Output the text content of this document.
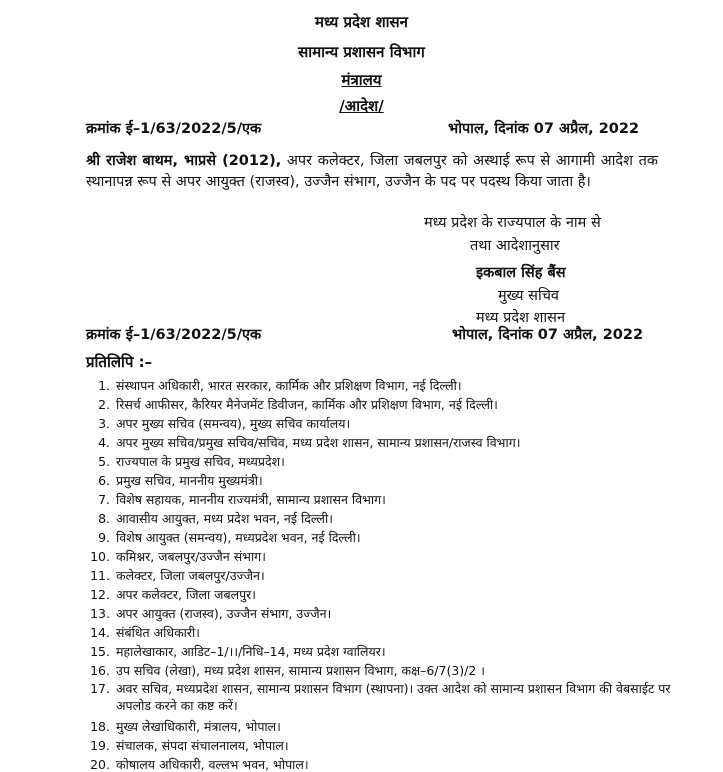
मध्य प्रदेश शासन
सामान्य प्रशासन विभाग
मंत्रालय
/आदेश/
क्रमांक ई–1/63/2022/5/एक	भोपाल, दिनांक 07 अप्रैल, 2022
श्री राजेश बाथम, भाप्रसे (2012), अपर कलेक्टर, जिला जबलपुर को अस्थाई रूप से आगामी आदेश तक स्थानापन्न रूप से अपर आयुक्त (राजस्व), उज्जैन संभाग, उज्जैन के पद पर पदस्थ किया जाता है।
मध्य प्रदेश के राज्यपाल के नाम से
तथा आदेशानुसार
इकबाल सिंह बैंस
मुख्य सचिव
मध्य प्रदेश शासन
क्रमांक ई–1/63/2022/5/एक	भोपाल, दिनांक 07 अप्रैल, 2022
प्रतिलिपि :–
1. संस्थापन अधिकारी, भारत सरकार, कार्मिक और प्रशिक्षण विभाग, नई दिल्ली।
2. रिसर्च आफीसर, कैरियर मैनेजमेंट डिवीजन, कार्मिक और प्रशिक्षण विभाग, नई दिल्ली।
3. अपर मुख्य सचिव (समन्वय), मुख्य सचिव कार्यालय।
4. अपर मुख्य सचिव/प्रमुख सचिव/सचिव, मध्य प्रदेश शासन, सामान्य प्रशासन/राजस्व विभाग।
5. राज्यपाल के प्रमुख सचिव, मध्यप्रदेश।
6. प्रमुख सचिव, माननीय मुख्यमंत्री।
7. विशेष सहायक, माननीय राज्यमंत्री, सामान्य प्रशासन विभाग।
8. आवासीय आयुक्त, मध्य प्रदेश भवन, नई दिल्ली।
9. विशेष आयुक्त (समन्वय), मध्यप्रदेश भवन, नई दिल्ली।
10. कमिश्नर, जबलपुर/उज्जैन संभाग।
11. कलेक्टर, जिला जबलपुर/उज्जैन।
12. अपर कलेक्टर, जिला जबलपुर।
13. अपर आयुक्त (राजस्व), उज्जैन संभाग, उज्जैन।
14. संबंधित अधिकारी।
15. महालेखाकार, आडिट–1/।।/निधि–14, मध्य प्रदेश ग्वालियर।
16. उप सचिव (लेखा), मध्य प्रदेश शासन, सामान्य प्रशासन विभाग, कक्ष–6/7(3)/2 ।
17. अवर सचिव, मध्यप्रदेश शासन, सामान्य प्रशासन विभाग (स्थापना)। उक्त आदेश को सामान्य प्रशासन विभाग की वेबसाईट पर अपलोड करने का कष्ट करें।
18. मुख्य लेखाधिकारी, मंत्रालय, भोपाल।
19. संचालक, संपदा संचालनालय, भोपाल।
20. कोषालय अधिकारी, वल्लभ भवन, भोपाल।
